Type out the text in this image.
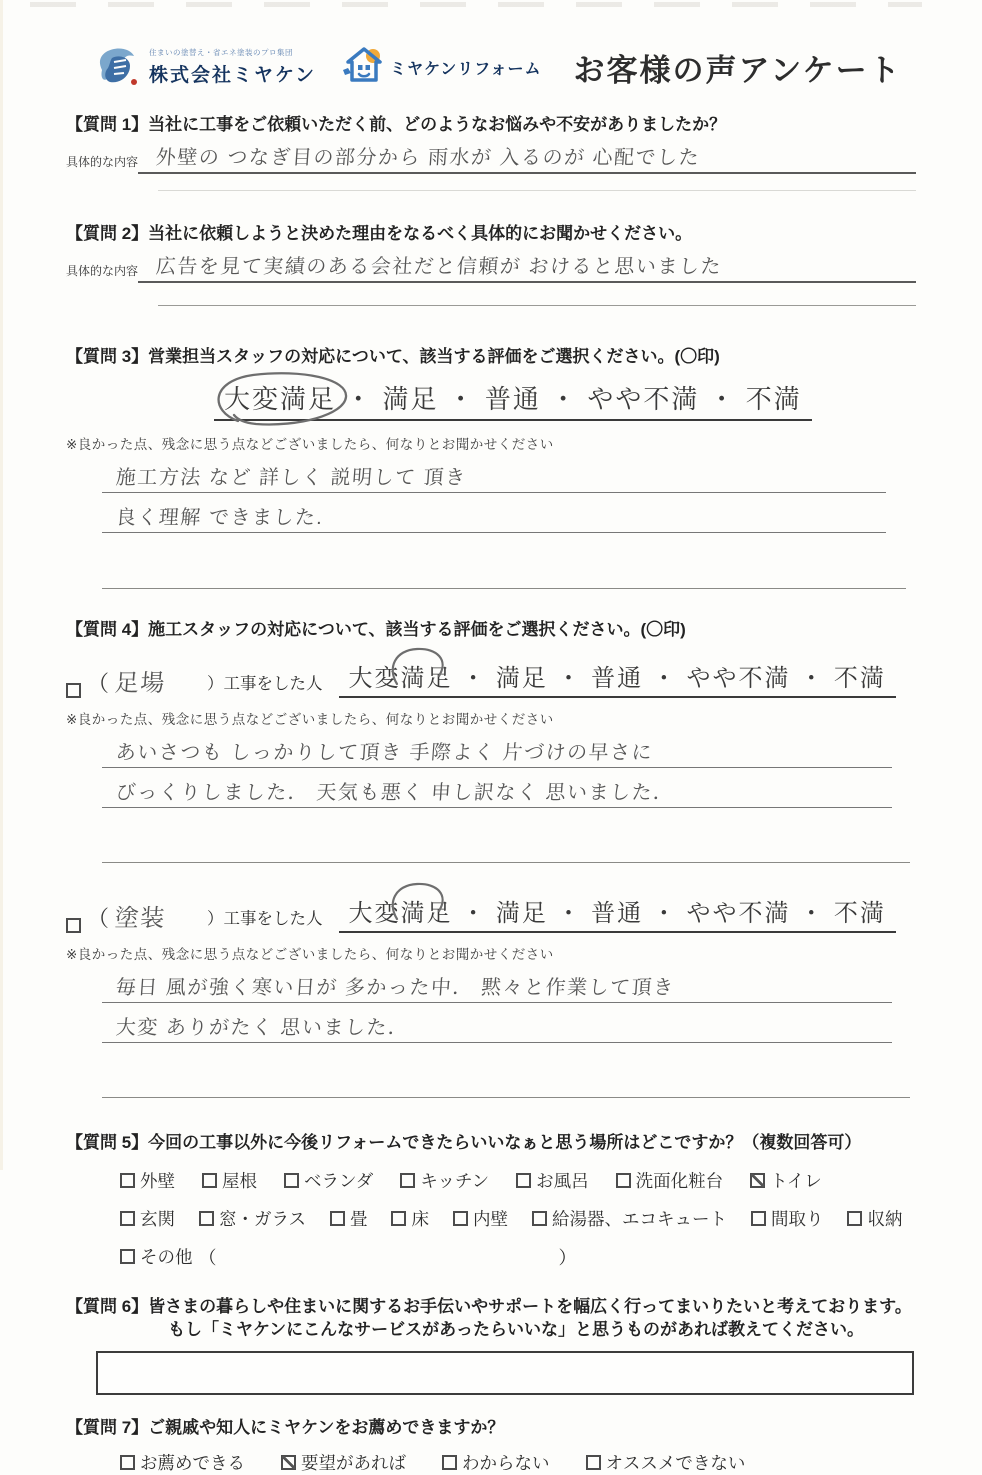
住まいの塗替え・省エネ塗装のプロ集団
株式会社ミヤケン	ミヤケンリフォーム お客様の声アンケート
【質問 1】当社に工事をご依頼いただく前、どのようなお悩みや不安がありましたか？
具体的な内容 外壁の つなぎ目の部分から 雨水が 入るのが 心配でした
【質問 2】当社に依頼しようと決めた理由をなるべく具体的にお聞かせください。
具体的な内容 広告を見て実績のある会社だと信頼が おけると思いました
【質問 3】営業担当スタッフの対応について、該当する評価をご選択ください。(〇印)
大変満足 ・ 満足 ・ 普通 ・ やや不満 ・ 不満
※良かった点、残念に思う点などございましたら、何なりとお聞かせください
施工方法 など 詳しく 説明して 頂き
良く理解 できました.
【質問 4】施工スタッフの対応について、該当する評価をご選択ください。(〇印)
（ 足場	）工事をした人	大変満足 ・ 満足 ・ 普通 ・ やや不満 ・ 不満
※良かった点、残念に思う点などございましたら、何なりとお聞かせください
あいさつも しっかりして頂き 手際よく 片づけの早さに
びっくりしました． 天気も悪く 申し訳なく 思いました．
（ 塗装	）工事をした人	大変満足 ・ 満足 ・ 普通 ・ やや不満 ・ 不満
※良かった点、残念に思う点などございましたら、何なりとお聞かせください
毎日 風が強く寒い日が 多かった中． 黙々と作業して頂き
大変 ありがたく 思いました．
【質問 5】今回の工事以外に今後リフォームできたらいいなぁと思う場所はどこですか？（複数回答可）
外壁	屋根	ベランダ	キッチン	お風呂	洗面化粧台	トイレ
玄関	窓・ガラス	畳	床	内壁	給湯器、エコキュート	間取り	収納
その他 （	）
【質問 6】皆さまの暮らしや住まいに関するお手伝いやサポートを幅広く行ってまいりたいと考えております。
もし「ミヤケンにこんなサービスがあったらいいな」と思うものがあれば教えてください。
【質問 7】ご親戚や知人にミヤケンをお薦めできますか？
お薦めできる	要望があれば	わからない	オススメできない
